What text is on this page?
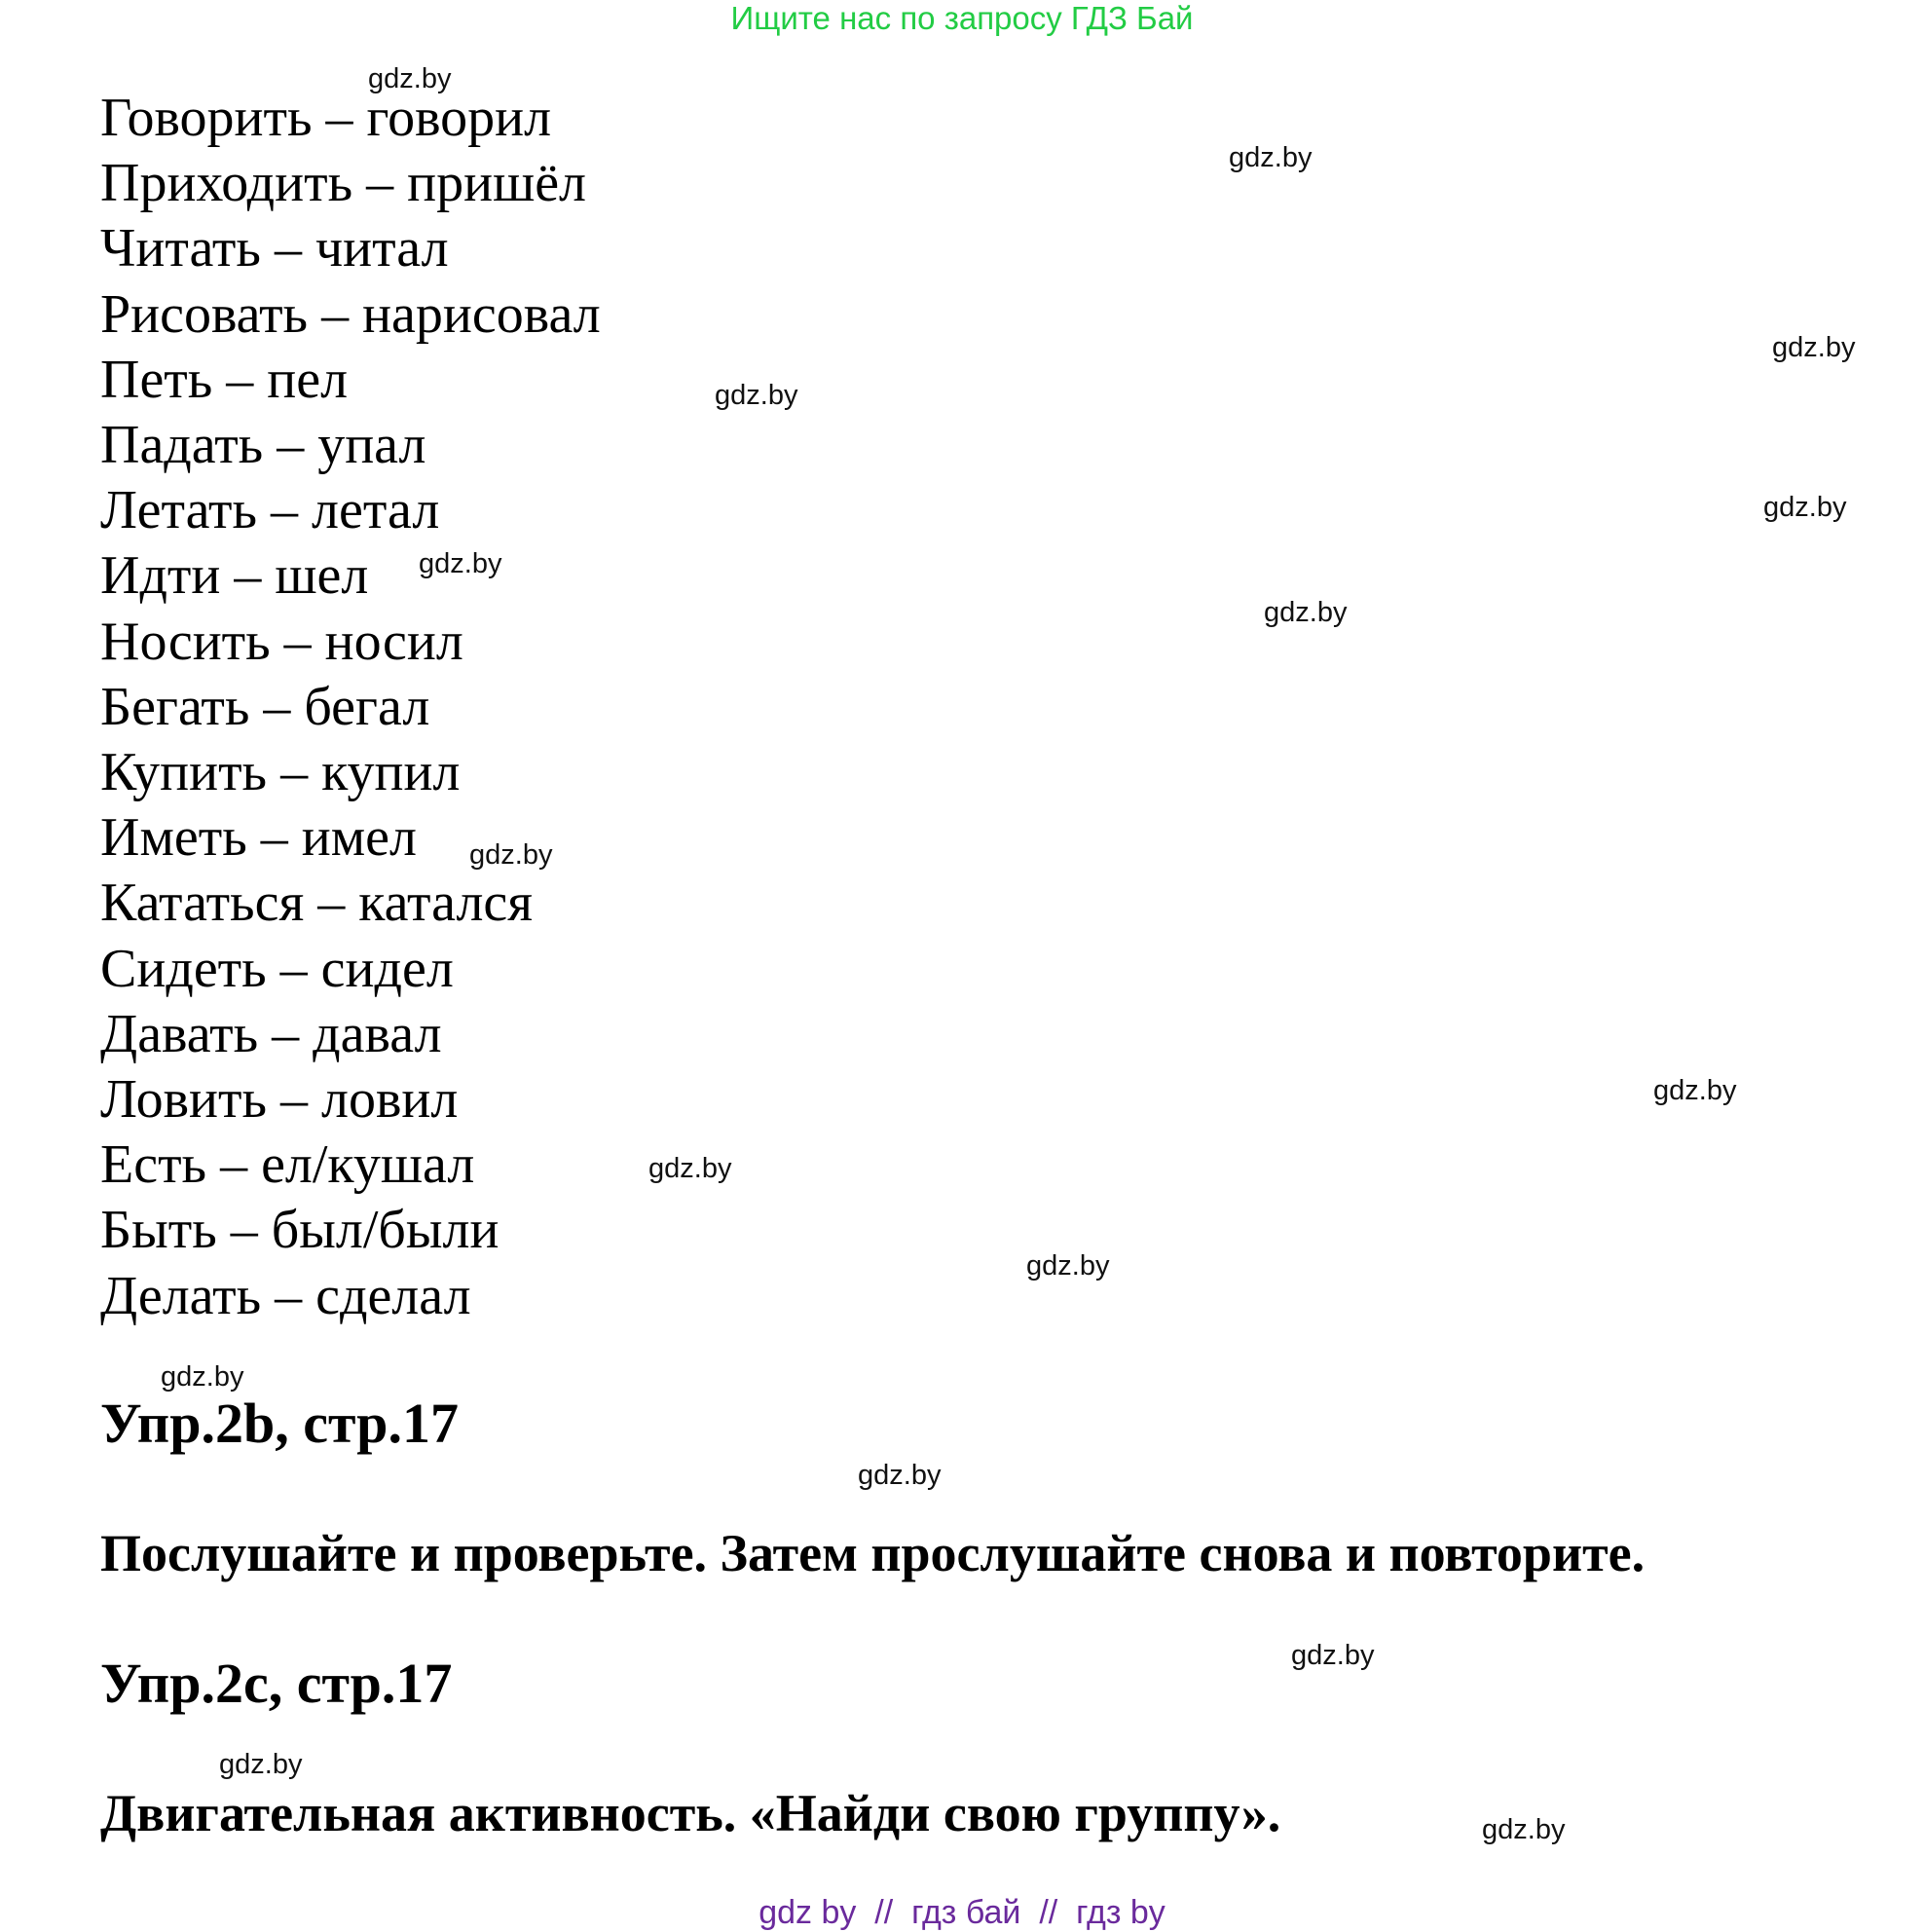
Ищите нас по запросу ГДЗ Бай
Говорить – говорил
Приходить – пришёл
Читать – читал
Рисовать – нарисовал
Петь – пел
Падать – упал
Летать – летал
Идти – шел
Носить – носил
Бегать – бегал
Купить – купил
Иметь – имел
Кататься – катался
Сидеть – сидел
Давать – давал
Ловить – ловил
Есть – ел/кушал
Быть – был/были
Делать – сделал
Упр.2b, стр.17
Послушайте и проверьте. Затем прослушайте снова и повторите.
Упр.2c, стр.17
Двигательная активность. «Найди свою группу».
gdz.by
gdz.by
gdz.by
gdz.by
gdz.by
gdz.by
gdz.by
gdz.by
gdz.by
gdz.by
gdz.by
gdz.by
gdz.by
gdz.by
gdz.by
gdz.by
gdz by  //  гдз бай  //  гдз by
